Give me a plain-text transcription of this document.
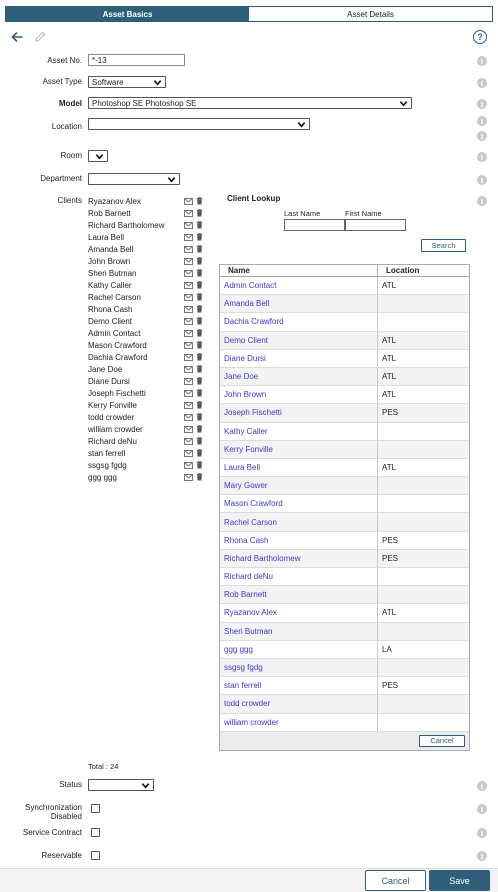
Asset Basics	Asset Details
?
Asset No.	*-13	i
Asset Type Software	i
Model Photoshop SE Photoshop SE	i
Location
i
i
Room	i
Department	i
Clients	i
Ryazanov Alex
Rob Barnett
Richard Bartholomew
Laura Bell
Amanda Bell
John Brown
Sheri Butman
Kathy Caller
Rachel Carson
Rhona Cash
Demo Client
Admin Contact
Mason Crawford
Dachia Crawford
Jane Doe
Diane Dursi
Joseph Fischetti
Kerry Fonville
todd crowder
william crowder
Richard deNu
stan ferrell
ssgsg fgdg
ggg ggg
Client Lookup
Last Name	First Name
Search
Name	Location
Admin Contact	ATL
Amanda Bell
Dachia Crawford
Demo Client	ATL
Diane Dursi	ATL
Jane Doe	ATL
John Brown	ATL
Joseph Fischetti	PES
Kathy Caller
Kerry Fonville
Laura Bell	ATL
Mary Gower
Mason Crawford
Rachel Carson
Rhona Cash	PES
Richard Bartholomew	PES
Richard deNu
Rob Barnett
Ryazanov Alex	ATL
Sheri Butman
ggg ggg	LA
ssgsg fgdg
stan ferrell	PES
todd crowder
william crowder
Cancel
Total : 24
Status	i
Synchronization Disabled
i
Service Contract	i
Reservable	i
Cancel	Save
